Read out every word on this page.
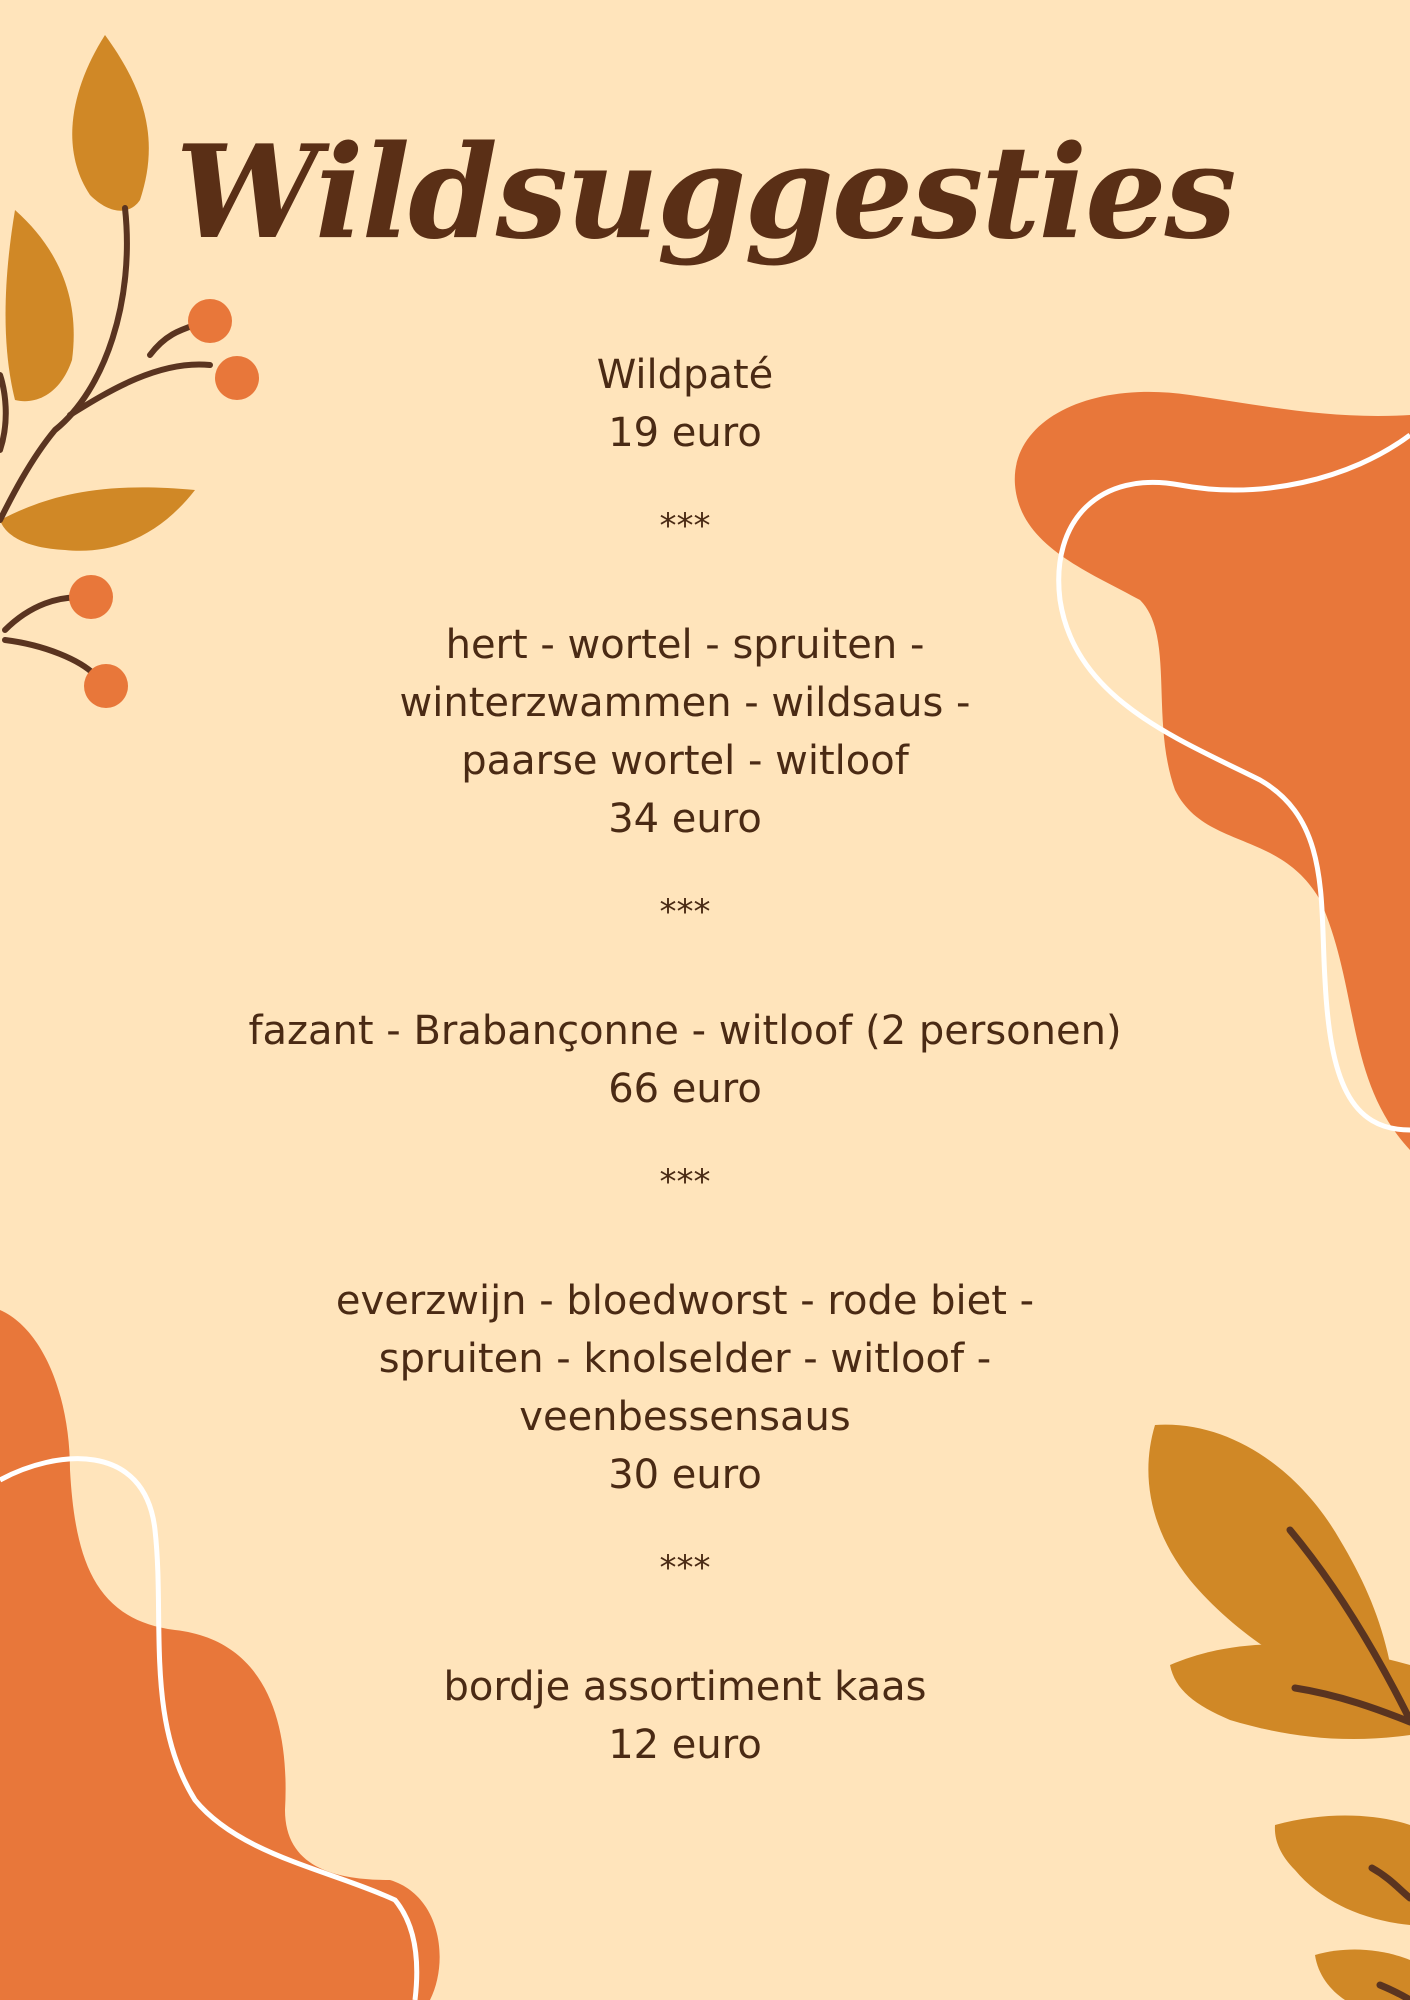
Wildsuggesties
Wildpaté
19 euro
***
hert - wortel - spruiten -
winterzwammen - wildsaus -
paarse wortel - witloof
34 euro
***
fazant - Brabançonne - witloof (2 personen)
66 euro
***
everzwijn - bloedworst - rode biet -
spruiten - knolselder - witloof -
veenbessensaus
30 euro
***
bordje assortiment kaas
12 euro
